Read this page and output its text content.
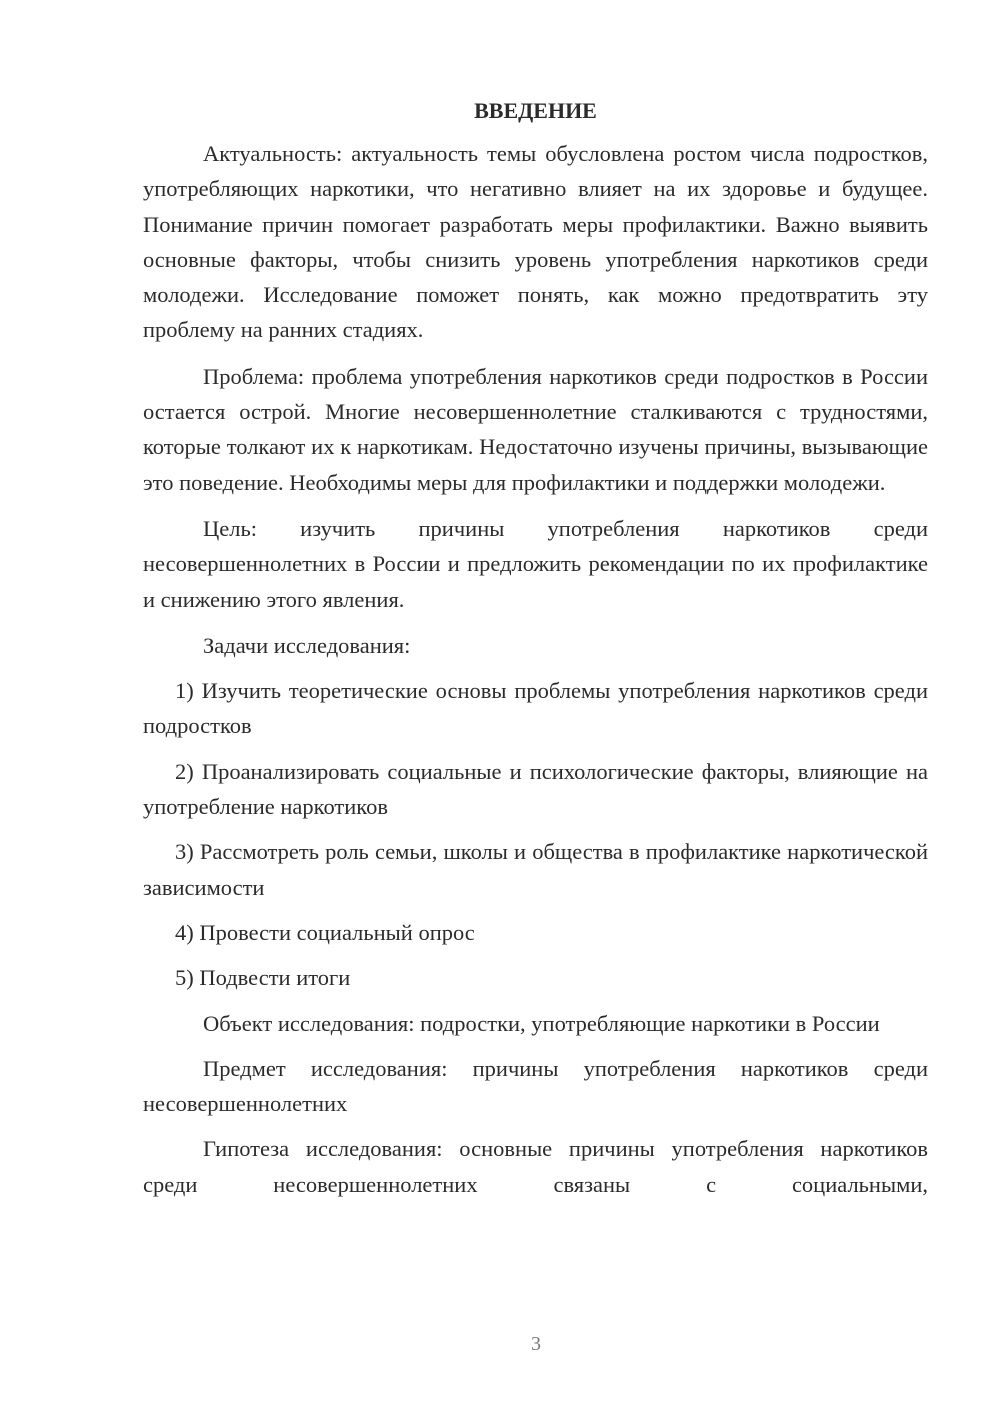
ВВЕДЕНИЕ

Актуальность: актуальность темы обусловлена ростом числа подростков, употребляющих наркотики, что негативно влияет на их здоровье и будущее. Понимание причин помогает разработать меры профилактики. Важно выявить основные факторы, чтобы снизить уровень употребления наркотиков среди молодежи. Исследование поможет понять, как можно предотвратить эту проблему на ранних стадиях.

Проблема: проблема употребления наркотиков среди подростков в России остается острой. Многие несовершеннолетние сталкиваются с трудностями, которые толкают их к наркотикам. Недостаточно изучены причины, вызывающие это поведение. Необходимы меры для профилактики и поддержки молодежи.

Цель: изучить причины употребления наркотиков среди несовершеннолетних в России и предложить рекомендации по их профилактике и снижению этого явления.

Задачи исследования:

1) Изучить теоретические основы проблемы употребления наркотиков среди подростков

2) Проанализировать социальные и психологические факторы, влияющие на употребление наркотиков

3) Рассмотреть роль семьи, школы и общества в профилактике наркотической зависимости

4) Провести социальный опрос

5) Подвести итоги

Объект исследования: подростки, употребляющие наркотики в России

Предмет исследования: причины употребления наркотиков среди несовершеннолетних

Гипотеза исследования: основные причины употребления наркотиков среди несовершеннолетних связаны с социальными,

3
